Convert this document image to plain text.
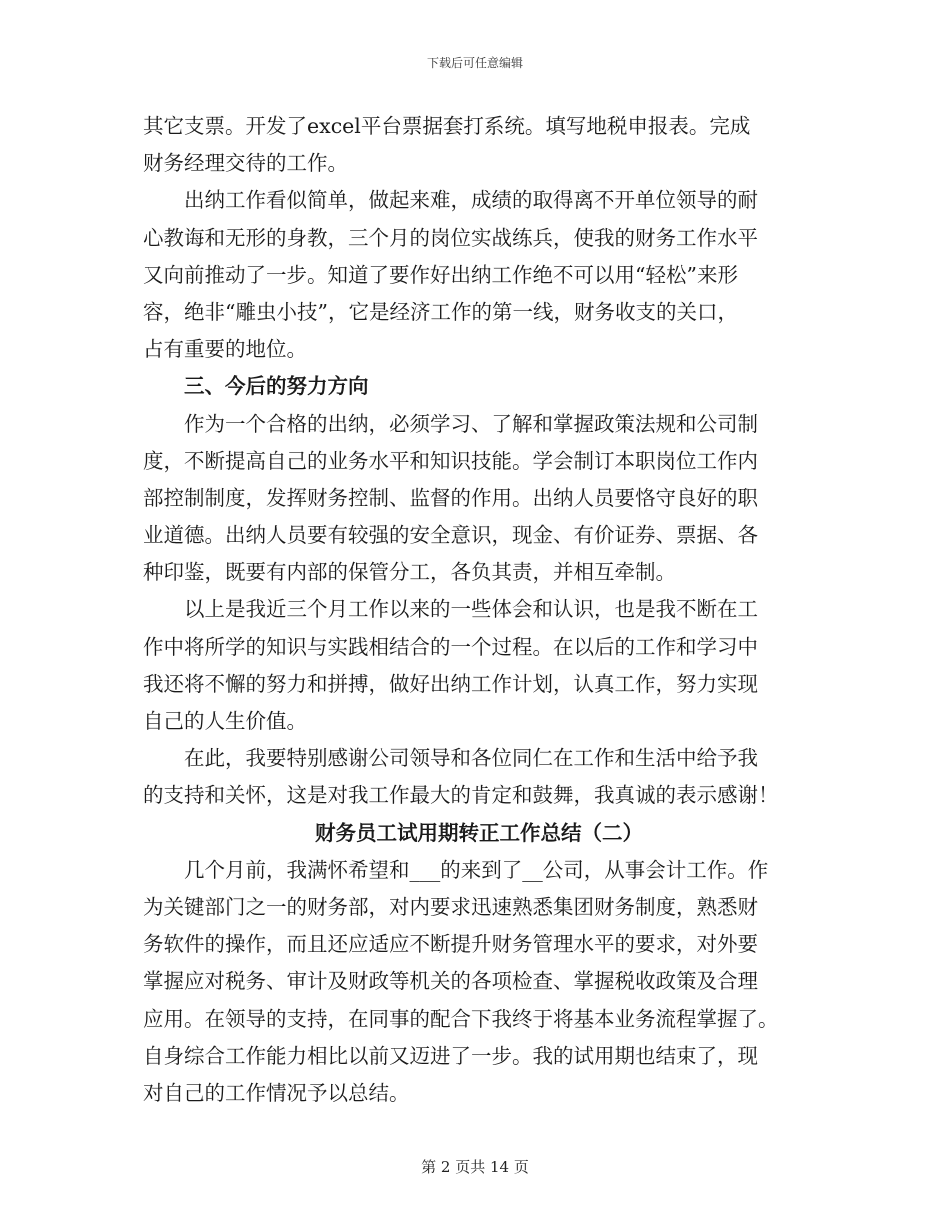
下载后可任意编辑
其它支票。开发了excel平台票据套打系统。填写地税申报表。完成
财务经理交待的工作。
出纳工作看似简单，做起来难，成绩的取得离不开单位领导的耐
心教诲和无形的身教，三个月的岗位实战练兵，使我的财务工作水平
又向前推动了一步。知道了要作好出纳工作绝不可以用“轻松”来形
容，绝非“雕虫小技”，它是经济工作的第一线，财务收支的关口，
占有重要的地位。
三、今后的努力方向
作为一个合格的出纳，必须学习、了解和掌握政策法规和公司制
度，不断提高自己的业务水平和知识技能。学会制订本职岗位工作内
部控制制度，发挥财务控制、监督的作用。出纳人员要恪守良好的职
业道德。出纳人员要有较强的安全意识，现金、有价证券、票据、各
种印鉴，既要有内部的保管分工，各负其责，并相互牵制。
以上是我近三个月工作以来的一些体会和认识，也是我不断在工
作中将所学的知识与实践相结合的一个过程。在以后的工作和学习中
我还将不懈的努力和拼搏，做好出纳工作计划，认真工作，努力实现
自己的人生价值。
在此，我要特别感谢公司领导和各位同仁在工作和生活中给予我
的支持和关怀，这是对我工作最大的肯定和鼓舞，我真诚的表示感谢！
财务员工试用期转正工作总结（二）
几个月前，我满怀希望和___的来到了__公司，从事会计工作。作
为关键部门之一的财务部，对内要求迅速熟悉集团财务制度，熟悉财
务软件的操作，而且还应适应不断提升财务管理水平的要求，对外要
掌握应对税务、审计及财政等机关的各项检查、掌握税收政策及合理
应用。在领导的支持，在同事的配合下我终于将基本业务流程掌握了。
自身综合工作能力相比以前又迈进了一步。我的试用期也结束了，现
对自己的工作情况予以总结。
第 2 页共 14 页
